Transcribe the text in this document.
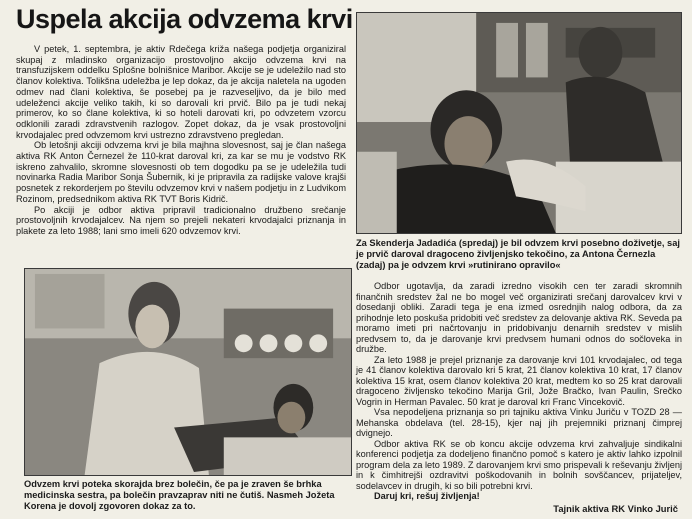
Uspela akcija odvzema krvi

V petek, 1. septembra, je aktiv Rdečega križa našega podjetja organiziral skupaj z mladinsko organizacijo prostovoljno akcijo odvzema krvi na transfuzijskem oddelku Splošne bolnišnice Maribor. Akcije se je udeležilo nad sto članov kolektiva. Tolikšna udeležba je lep dokaz, da je akcija naletela na ugoden odmev nad člani kolektiva, še posebej pa je razveseljivo, da je bilo med udeleženci akcije veliko takih, ki so darovali kri prvič. Bilo pa je tudi nekaj primerov, ko so člane kolektiva, ki so hoteli darovati kri, po odvzetem vzorcu odklonili zaradi zdravstvenih razlogov. Zopet dokaz, da je vsak prostovoljni krvodajalec pred odvzemom krvi ustrezno zdravstveno pregledan.

Ob letošnji akciji odvzema krvi je bila majhna slovesnost, saj je član našega aktiva RK Anton Černezel že 110-krat daroval kri, za kar se mu je vodstvo RK iskreno zahvalilo, skromne slovesnosti ob tem dogodku pa se je udeležila tudi novinarka Radia Maribor Sonja Šubernik, ki je pripravila za radijske valove krajši posnetek z rekorderjem po številu odvzemov krvi v našem podjetju in z Ludvikom Rozinom, predsednikom aktiva RK TVT Boris Kidrič.

Po akciji je odbor aktiva pripravil tradicionalno družbeno srečanje prostovoljnih krvodajalcev. Na njem so prejeli nekateri krvodajalci priznanja in plakete za leto 1988; lani smo imeli 620 odvzemov krvi.

Za Skenderja Jadadića (spredaj) je bil odvzem krvi posebno doživetje, saj je prvič daroval dragoceno življenjsko tekočino, za Antona Černezla (zadaj) pa je odvzem krvi »rutinirano opravilo«
Odvzem krvi poteka skorajda brez bolečin, če pa je zraven še brhka medicinska sestra, pa bolečin pravzaprav niti ne čutiš. Nasmeh Jožeta Korena je dovolj zgovoren dokaz za to.

Odbor ugotavlja, da zaradi izredno visokih cen ter zaradi skromnih finančnih sredstev žal ne bo mogel več organizirati srečanj darovalcev krvi v dosedanji obliki. Zaradi tega je ena izmed osrednjih nalog odbora, da za prihodnje leto poskuša pridobiti več sredstev za delovanje aktiva RK. Seveda pa moramo imeti pri načrtovanju in pridobivanju denarnih sredstev v mislih predvsem to, da je darovanje krvi predvsem humani odnos do sočloveka in družbe.

Za leto 1988 je prejel priznanje za darovanje krvi 101 krvodajalec, od tega je 41 članov kolektiva darovalo kri 5 krat, 21 članov kolektiva 10 krat, 17 članov kolektiva 15 krat, osem članov kolektiva 20 krat, medtem ko so 25 krat darovali dragoceno življensko tekočino Marija Gril, Jože Bračko, Ivan Paulin, Srečko Vogrin in Herman Pavalec. 50 krat je daroval kri Franc Vincekovič.

Vsa nepodeljena priznanja so pri tajniku aktiva Vinku Juriču v TOZD 28 — Mehanska obdelava (tel. 28-15), kjer naj jih prejemniki priznanj čimprej dvignejo.

Odbor aktiva RK se ob koncu akcije odvzema krvi zahvaljuje sindikalni konferenci podjetja za dodeljeno finančno pomoč s katero je aktiv lahko izpolnil program dela za leto 1989. Z darovanjem krvi smo prispevali k reševanju življenj in k čimhitrejši ozdravitvi poškodovanih in bolnih sovščancev, prijateljev, sodelavcev in drugih, ki so bili potrebni krvi.

Daruj kri, rešuj življenja!

Tajnik aktiva RK Vinko Jurič
